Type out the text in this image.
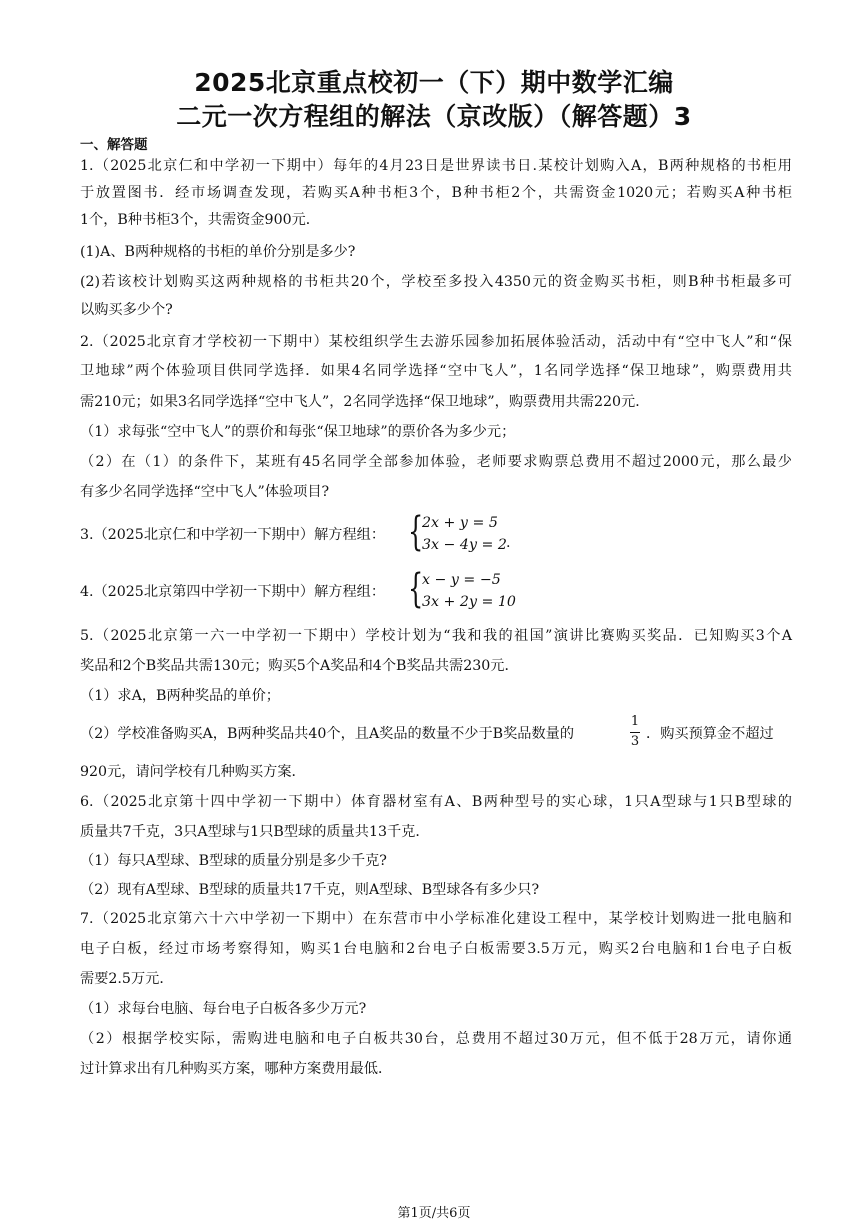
2025北京重点校初一（下）期中数学汇编
二元一次方程组的解法（京改版）（解答题）3
一、解答题
1.（2025北京仁和中学初一下期中）每年的4月23日是世界读书日.某校计划购入A，B两种规格的书柜用
于放置图书．经市场调查发现，若购买A种书柜3个，B种书柜2个，共需资金1020元；若购买A种书柜
1个，B种书柜3个，共需资金900元．
(1)A、B两种规格的书柜的单价分别是多少?
(2)若该校计划购买这两种规格的书柜共20个，学校至多投入4350元的资金购买书柜，则B种书柜最多可
以购买多少个?
2.（2025北京育才学校初一下期中）某校组织学生去游乐园参加拓展体验活动，活动中有“空中飞人”和“保
卫地球”两个体验项目供同学选择．如果4名同学选择“空中飞人”，1名同学选择“保卫地球”，购票费用共
需210元；如果3名同学选择“空中飞人”，2名同学选择“保卫地球”，购票费用共需220元．
（1）求每张“空中飞人”的票价和每张“保卫地球”的票价各为多少元；
（2）在（1）的条件下，某班有45名同学全部参加体验，老师要求购票总费用不超过2000元，那么最少
有多少名同学选择“空中飞人”体验项目?
3.（2025北京仁和中学初一下期中）解方程组： {
2x + y = 5
3x − 4y = 2 .
4.（2025北京第四中学初一下期中）解方程组： {
x − y = −5
3x + 2y = 10
5.（2025北京第一六一中学初一下期中）学校计划为“我和我的祖国”演讲比赛购买奖品．已知购买3个A
奖品和2个B奖品共需130元；购买5个A奖品和4个B奖品共需230元．
（1）求A，B两种奖品的单价；
（2）学校准备购买A，B两种奖品共40个，且A奖品的数量不少于B奖品数量的
1
3 ．购买预算金不超过
920元，请问学校有几种购买方案．
6.（2025北京第十四中学初一下期中）体育器材室有A、B两种型号的实心球，1只A型球与1只B型球的
质量共7千克，3只A型球与1只B型球的质量共13千克．
（1）每只A型球、B型球的质量分别是多少千克?
（2）现有A型球、B型球的质量共17千克，则A型球、B型球各有多少只?
7.（2025北京第六十六中学初一下期中）在东营市中小学标准化建设工程中，某学校计划购进一批电脑和
电子白板，经过市场考察得知，购买1台电脑和2台电子白板需要3.5万元，购买2台电脑和1台电子白板
需要2.5万元．
（1）求每台电脑、每台电子白板各多少万元?
（2）根据学校实际，需购进电脑和电子白板共30台，总费用不超过30万元，但不低于28万元，请你通
过计算求出有几种购买方案，哪种方案费用最低．
第1页/共6页
